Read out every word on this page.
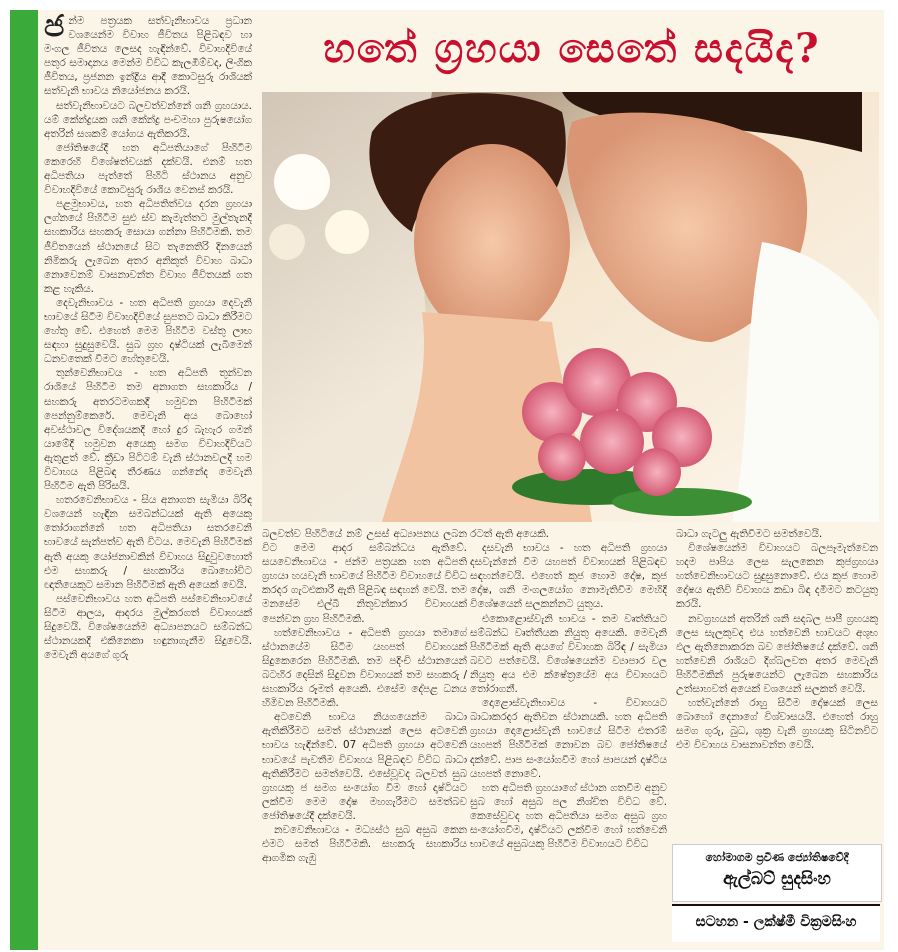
හතේ ග්‍රහයා සෙතේ සදයිද?

ජන්ම පත්‍රයක සත්වැනිභාවය ප්‍රධාන වශයෙන්ම විවාහ ජීවිතය පිළිබඳව හා මංගල ජීවිතය ලෙසද හැඳින්වේ. විවාහදිවියේ පතුර සමාදානය මෙන්ම විවිධ කැලඹීම්වද, ලිංගික ජීවිතය, ප්‍රජනන ඉන්ද්‍රිය ආදී කොටසුරු රාශියක් සත්වැනි භාවය නියෝජනය කරයි.

සත්වැනිභාවයට බලවත්වන්නේ ශනි ග්‍රහයාය. යම් කේන්ද්‍රයක ශනි කේන්ද්‍ර පංචමහා පුරුෂයෝග අතරින් සශකම් යෝගය ඇතිකරයි.

ජෝතිෂයේදී හත අධිපතියාගේ පිහිටීම කෙරෙහි විශේෂත්වයක් දක්වයි. එනම් හත අධිපතියා පැත්තේ පිහිටි ස්ථානය අනුව විවාහදිවියේ කොටසුරු රාශිය වෙනස් කරයි.

පළමුභාවය, හත අධිපතිත්වය දරන ග්‍රහයා ලග්නයේ පිහිටීම සුළු ස්ව කැමැත්තට මුල්තැනදී සහකාරිය සහකරු සොයා ගන්නා පිහිටීමකි. තම ජීවිතයෙන් ස්ථානයේ සිට තැනෙතිරි දිනයෙන් නිමිකරු ලැබෙන අතර අනිකුත් විවාහ බාධා නොවෙනම් වාසනාවන්ත විවාහ ජීවිතයක් ගත කළ හැකිය.

දෙවැනිභාවය - හත අධිපති ග්‍රහයා දෙවැනි භාවයේ සිටීම විවාහදිවියේ සුපතට බාධා කිරීමට හේතු වේ. එහෙත් මෙම පිහිටීම වස්තු ලාභ සඳහා සුදුසුවෙයි. සුබ ග්‍රහ දෘෂ්ටියක් ලැබීමෙන් ධනවතෙක් වීමට හේතුවෙයි.

තුන්වෙනිභාවය - හත අධිපති තුන්වන රාශියේ පිහිටීම තම අනාගත සහකාරිය / සහකරු අතරටමගකදී හමුවන පිහිටීමක් පෙන්නුම්කෙරේ. මෙවැනි අය බොහෝ අවස්ථාවල විදේශයකදී හෝ දුර බැහැර ගමන් යාමේදී හමුවන අයෙකු සමග විවාහදිවියට ඇතුළත් වේ. ක්‍රීඩා පිටිටම් වැනි ස්ථානවලදී හම විවාහය පිළිබඳ තීරණය ගන්නේද මෙවැනි පිහිටීම ඇති පිරිසයි.

හතරවෙනිභාවය - සිය අනාගත සැමියා බිරිඳ වශයෙන් හැඳින සමබන්ධයක් ඇති අයෙකු තෝරාගන්නේ හත අධිපතියා සතරවෙනි භාවයේ සැන්පත්ව ඇති විටය. මෙවැනි පිහිටීමක් ඇති අයකු යෝජනාවකින් විවාහය සිදුවුවහොත් එම සහකරු / සහකාරිය බොහෝවිට ඥාතියෙකුට සමාන පිහිටීමක් ඇති අයෙක් වෙයි.

පස්වෙනිභාවය හත අධිපති පස්වෙනිභාවයේ සිටීම ආලය, ආදරය මුල්කරගත් විවාහයක් සිදුවෙයි. විශේෂයෙන්ම අධ්‍යාපනයට සම්බන්ධ ස්ථානයකදී එකිනෙකා හඳුනාගැනීම සිදුවෙයි. මෙවැනි අයගේ ගුරු

බලවත්ව පිහිටියේ නම් උසස් අධ්‍යාපනය ලබන විට මෙම ආදර සම්බන්ධය ඇතිවේ. සයවෙනිභාවය - ජන්ම පත්‍රයක හත අධිපති ග්‍රහයා හයවැනි භාවයේ පිහිටීම විවාහයේ විවිධ කරදර ගැටළුකාරී ඇති පිළිබඳ සඳහන් වෙයි. තම මනසේම එල්බී නිතුවන්කාර විවාහයක් පෙන්වන ග්‍රහ පිහිටීමකි.

හත්වෙනිභාවය - අධිපති ග්‍රහයා තමාගේ ස්ථානයේම සිටීම යහපත් විවාහයක් සිදුකෙරෙන පිහිටීමකි. තම පදිංචි ස්ථානයෙන් බටහිර දෙසින් සිදුවන විවාහයක් තම සහකරු / සහකාරිය රූමත් අයෙකි. එසේම දේපළ ධනය හිමිවන පිහිටීමකි.

අටවෙනි භාවය නියගයෙන්ම බාධා ඇතිකිරීමට සමත් ස්ථානයක් ලෙස අටවෙනි භාවය හැඳින්වේ. 07 අධිපති ග්‍රහයා අටවෙනි භාවයේ පැවතීම විවාහය පිළිබඳව විවිධ බාධා ඇතිකිරීමට සමත්වෙයි. එසේවූවද බලවත් සුබ ග්‍රහයකු ජ සමග සංයෝග වීම හෝ දෘෂ්ටියට ලක්වීම මෙම දෝෂ මහගැරීමට සමත්බව ජෝතිෂයේදී දක්වෙයි.

නවවෙනිභාවය - මධ්‍යස්ථ සුබ අසුබ කෙන එමට සමත් පිහිටීමකි. සහකරු සහකාරිය ආගමික ගැඹු

රටත් ඇති අයෙකි.

දසවැනි භාවය - හත අධිපති ග්‍රහයා දසවැන්නේ වීම යහපත් විවාහයක් පිළිබඳව සඳහන්වෙයි. එහෙත් කුජ හොම දෝෂ, කුජ දෝෂ, ශනි මංගලයෝග නොමැතිවීම මෙහිදී විශේෂයෙන් සලකන්නට යුතුය.

එකොළොස්වැනි භාවය - තම වෘත්තියට සම්බන්ධ වෘත්තීයක නියුතු අයෙකි. මෙවැනි පිහිටීමක් ඇති අයගේ විවාහක බිරිඳ / සැමියා බවට පත්වෙයි. විශේෂයෙන්ම ව්‍යාපාර වල නියුතු අය එම ක්ෂේත්‍රයේම අය විවාහයට තෝරාගනී.

දොළොස්වැනිභාවය - විවාහයට බාධාකරදර ඇතිවන ස්ථානයකි. හත අධිපති ග්‍රහයා දොළොස්වැනි භාවයේ සිටීම එතරම් යහපත් පිහිටීමක් නොවන බව ජෝතිෂයේ දක්වේ. පාප සංයෝගවීම හෝ පාපයන් දෘෂ්ටිය යහපත් නොවේ.

හත අධිපති ග්‍රහයාගේ ස්ථාන ගතවීම අනුව සුබ හෝ අසුබ පල නිශ්චිත විවිධ වේ. කෙසේවුවද හත අධිපතියා සමග අසුබ ග්‍රහ සංයෝගවීම, දෘෂ්ටියට ලක්වීම හෝ හත්වෙනි භාවයේ අසුබයකු පිහිටීම විවාහයට විවිධ

බාධා ගැටලු ඇතිවීමට සමත්වෙයි.

විශේෂයෙන්ම විවාහයට බලපෑමැත්වෙන හදම පාපිය ලෙස සැලකෙන කුජග්‍රහයා හත්වෙනිභාවයට සුදුසුනොවේ. එය කුජ හොම දෝෂය ඇතිවි විවාහය කඩා බිඳ දමීමට කටයුතු කරයි.

නවග්‍රහයන් අතරින් ශනි සදබල පාපී ග්‍රහයකු ලෙස සැලකුවද එය හත්වෙනි භාවයට අශුභ ඵල ඇතිනොකරන බව ජෝතිෂයේ දක්වේ. ශනි හත්වෙනි රාශියට දිග්බලවත අතර මෙවැනි පිහිටීමකින් පුරුෂයෙන්ට ලැබෙන සහකාරිය උත්සාහවත් අයෙක් වශයෙන් සලකත් වෙයි.

හත්වැන්නේ රාහු සිටීම දෝෂයක් ලෙස බොහෝ දෙනාගේ විශ්වාසයයි. එහෙත් රාහු සමග ගුරු, බුධ, ශුක්‍ර වැනි ග්‍රහයකු සිටිනවිට එම විවාහය වාසනාවන්ත වෙයි.

හෝමාගම ප්‍රවීණ ජ්‍යෝතිෂවේදී
ඇල්බට් සුදසිංහ
සටහන - ලක්ෂ්මී වික්‍රමසිංහ
